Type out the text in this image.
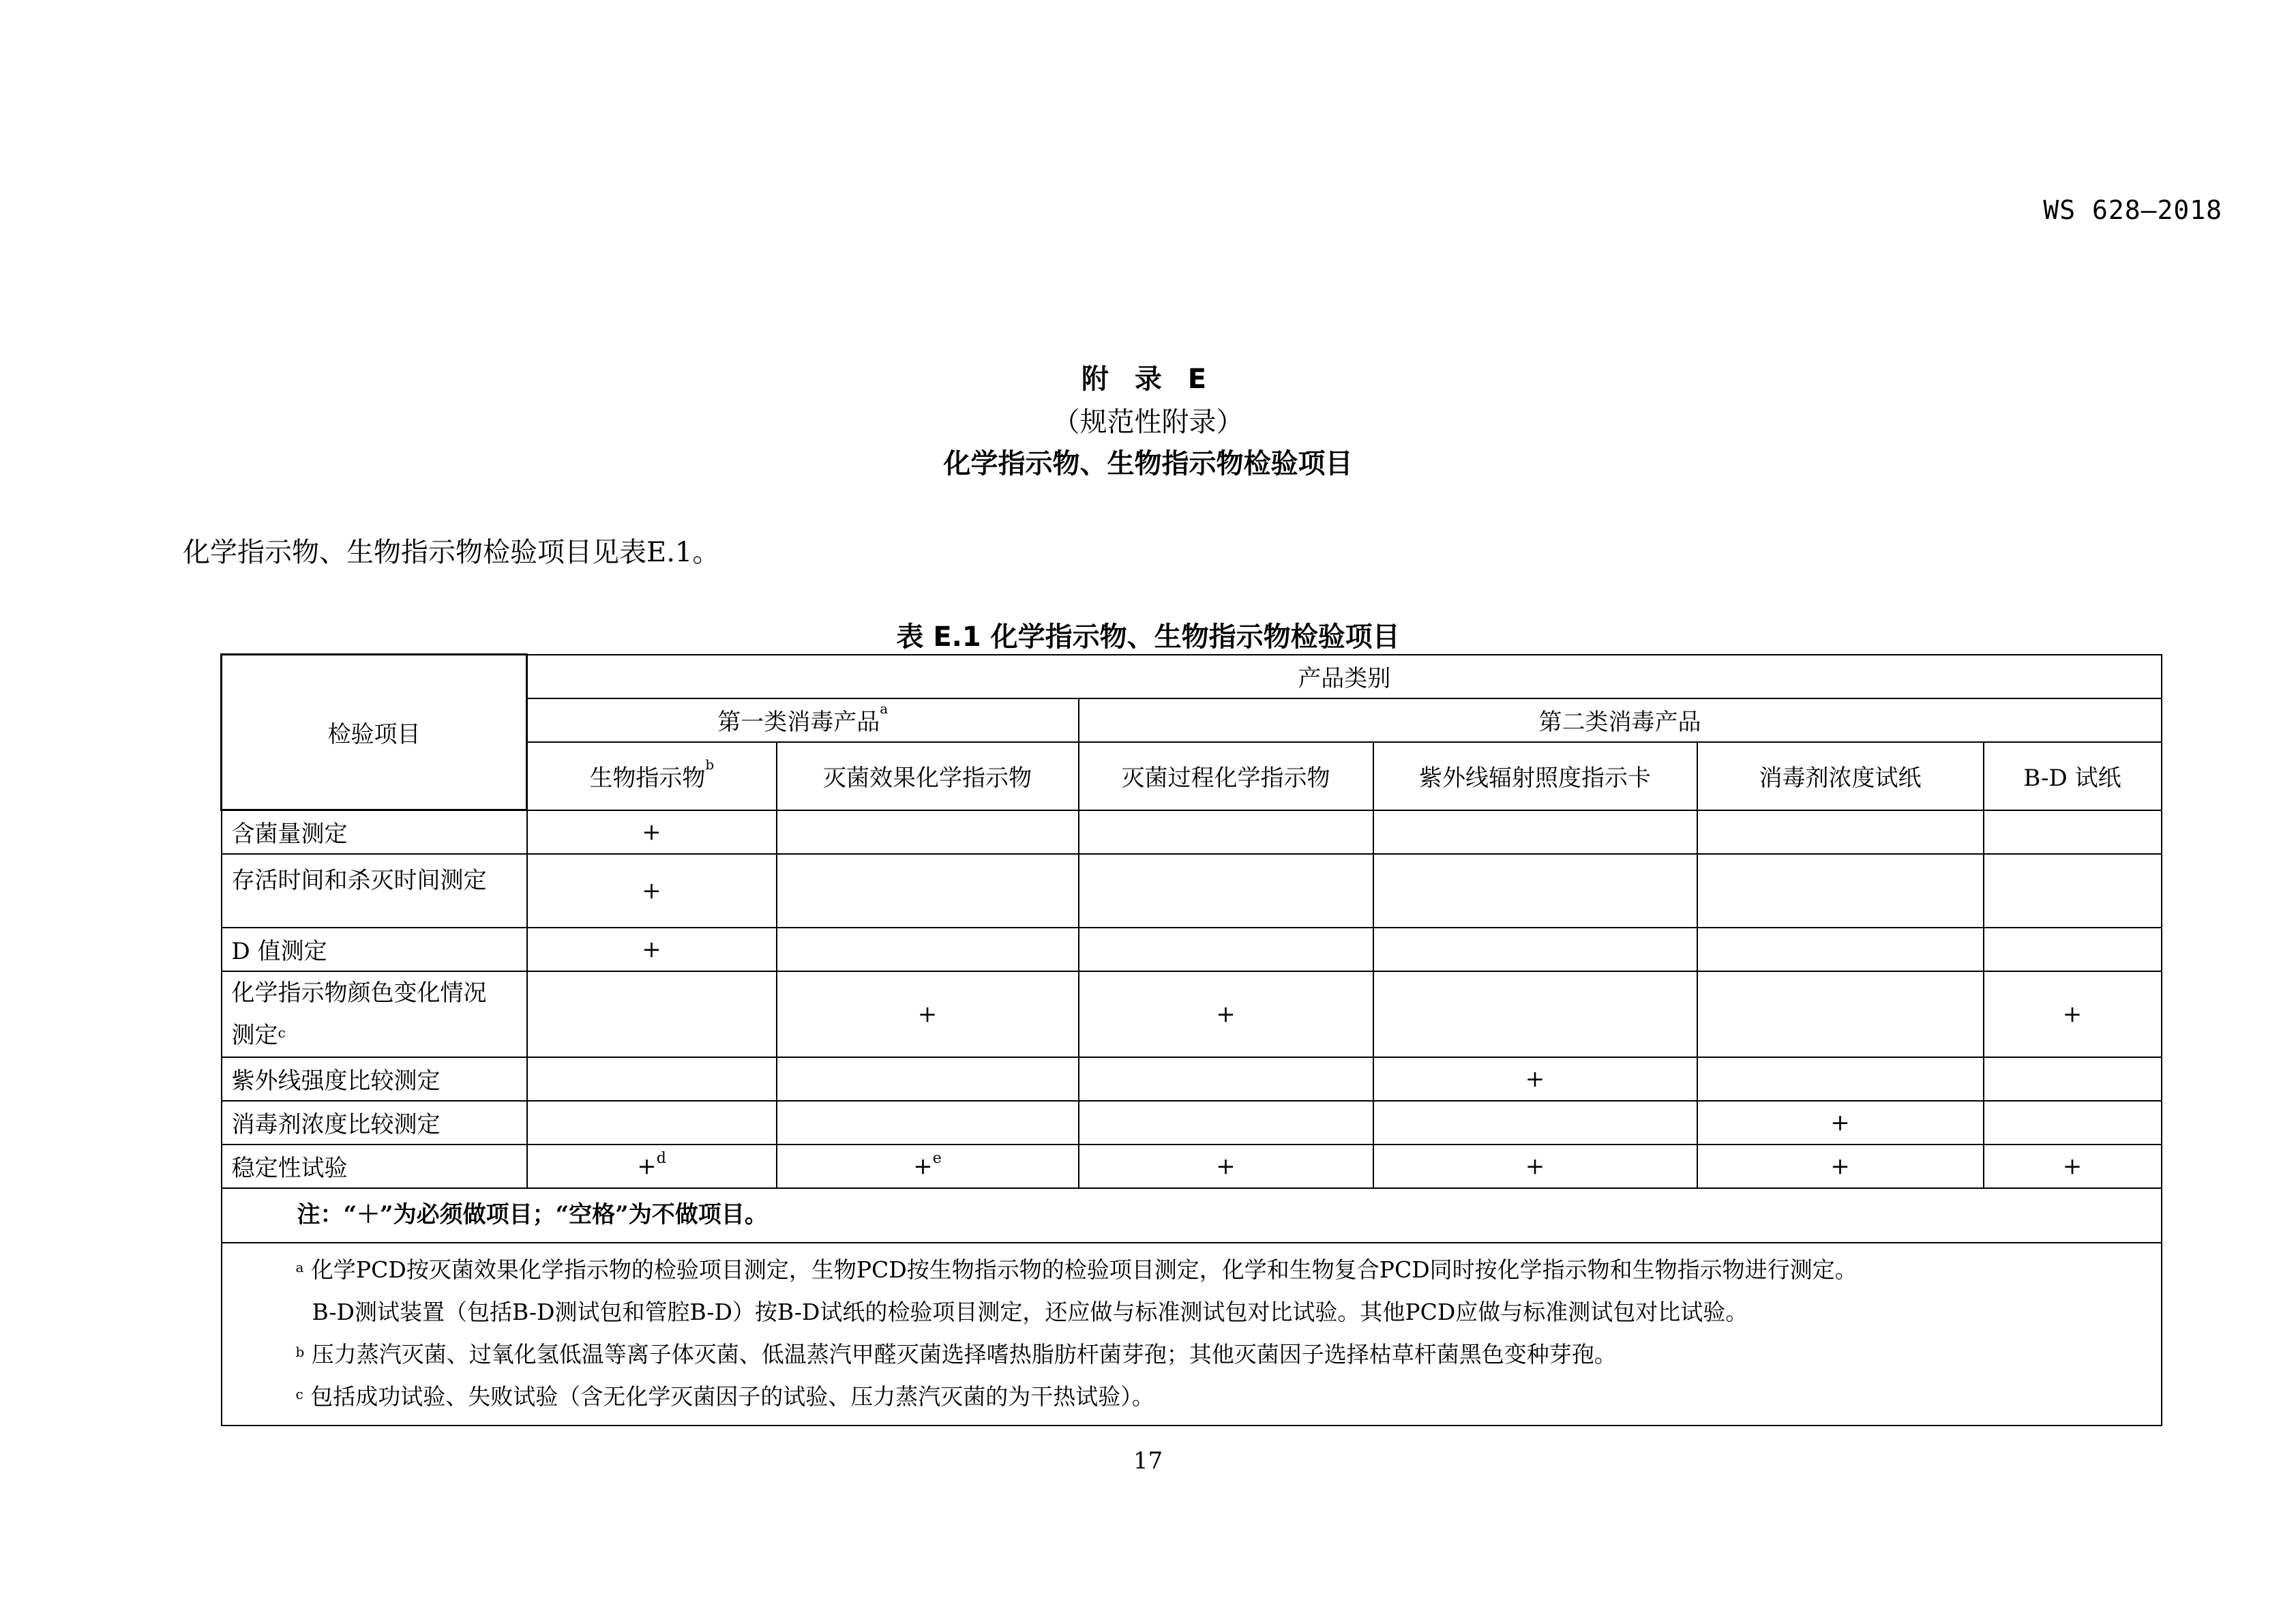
WS 628—2018
附 录 E
（规范性附录）
化学指示物、生物指示物检验项目
化学指示物、生物指示物检验项目见表E.1。
表 E.1 化学指示物、生物指示物检验项目
检验项目	产品类别					
	第一类消毒产品$^a$		第二类消毒产品			
	生物指示物$^b$	灭菌效果化学指示物	灭菌过程化学指示物	紫外线辐射照度指示卡	消毒剂浓度试纸	B-D 试纸
含菌量测定	+					
存活时间和杀灭时间测定	+					
D 值测定	+					
化学指示物颜色变化情况
测定$^c$		+	+			+
紫外线强度比较测定				+		
消毒剂浓度比较测定					+	
稳定性试验	+$^d$	+$^e$	+	+	+	+

注：“＋”为必须做项目；“空格”为不做项目。						

$^a$ 化学PCD按灭菌效果化学指示物的检验项目测定，生物PCD按生物指示物的检验项目测定，化学和生物复合PCD同时按化学指示物和生物指示物进行测定。
B-D测试装置（包括B-D测试包和管腔B-D）按B-D试纸的检验项目测定，还应做与标准测试包对比试验。其他PCD应做与标准测试包对比试验。
$^b$ 压力蒸汽灭菌、过氧化氢低温等离子体灭菌、低温蒸汽甲醛灭菌选择嗜热脂肪杆菌芽孢；其他灭菌因子选择枯草杆菌黑色变种芽孢。
$^c$ 包括成功试验、失败试验（含无化学灭菌因子的试验、压力蒸汽灭菌的为干热试验）。						
17
